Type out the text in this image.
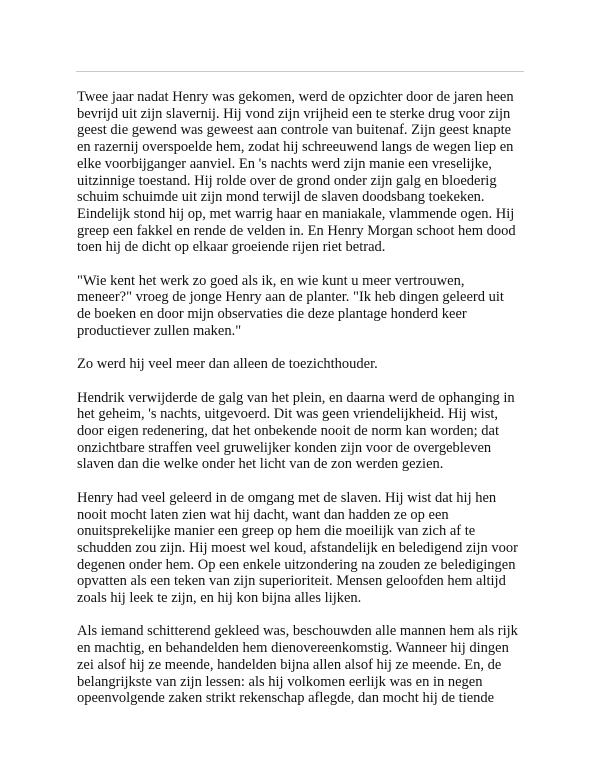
Twee jaar nadat Henry was gekomen, werd de opzichter door de jaren heen
bevrijd uit zijn slavernij. Hij vond zijn vrijheid een te sterke drug voor zijn
geest die gewend was geweest aan controle van buitenaf. Zijn geest knapte
en razernij overspoelde hem, zodat hij schreeuwend langs de wegen liep en
elke voorbijganger aanviel. En 's nachts werd zijn manie een vreselijke,
uitzinnige toestand. Hij rolde over de grond onder zijn galg en bloederig
schuim schuimde uit zijn mond terwijl de slaven doodsbang toekeken.
Eindelijk stond hij op, met warrig haar en maniakale, vlammende ogen. Hij
greep een fakkel en rende de velden in. En Henry Morgan schoot hem dood
toen hij de dicht op elkaar groeiende rijen riet betrad.

"Wie kent het werk zo goed als ik, en wie kunt u meer vertrouwen,
meneer?" vroeg de jonge Henry aan de planter. "Ik heb dingen geleerd uit
de boeken en door mijn observaties die deze plantage honderd keer
productiever zullen maken."

Zo werd hij veel meer dan alleen de toezichthouder.

Hendrik verwijderde de galg van het plein, en daarna werd de ophanging in
het geheim, 's nachts, uitgevoerd. Dit was geen vriendelijkheid. Hij wist,
door eigen redenering, dat het onbekende nooit de norm kan worden; dat
onzichtbare straffen veel gruwelijker konden zijn voor de overgebleven
slaven dan die welke onder het licht van de zon werden gezien.

Henry had veel geleerd in de omgang met de slaven. Hij wist dat hij hen
nooit mocht laten zien wat hij dacht, want dan hadden ze op een
onuitsprekelijke manier een greep op hem die moeilijk van zich af te
schudden zou zijn. Hij moest wel koud, afstandelijk en beledigend zijn voor
degenen onder hem. Op een enkele uitzondering na zouden ze beledigingen
opvatten als een teken van zijn superioriteit. Mensen geloofden hem altijd
zoals hij leek te zijn, en hij kon bijna alles lijken.

Als iemand schitterend gekleed was, beschouwden alle mannen hem als rijk
en machtig, en behandelden hem dienovereenkomstig. Wanneer hij dingen
zei alsof hij ze meende, handelden bijna allen alsof hij ze meende. En, de
belangrijkste van zijn lessen: als hij volkomen eerlijk was en in negen
opeenvolgende zaken strikt rekenschap aflegde, dan mocht hij de tiende
